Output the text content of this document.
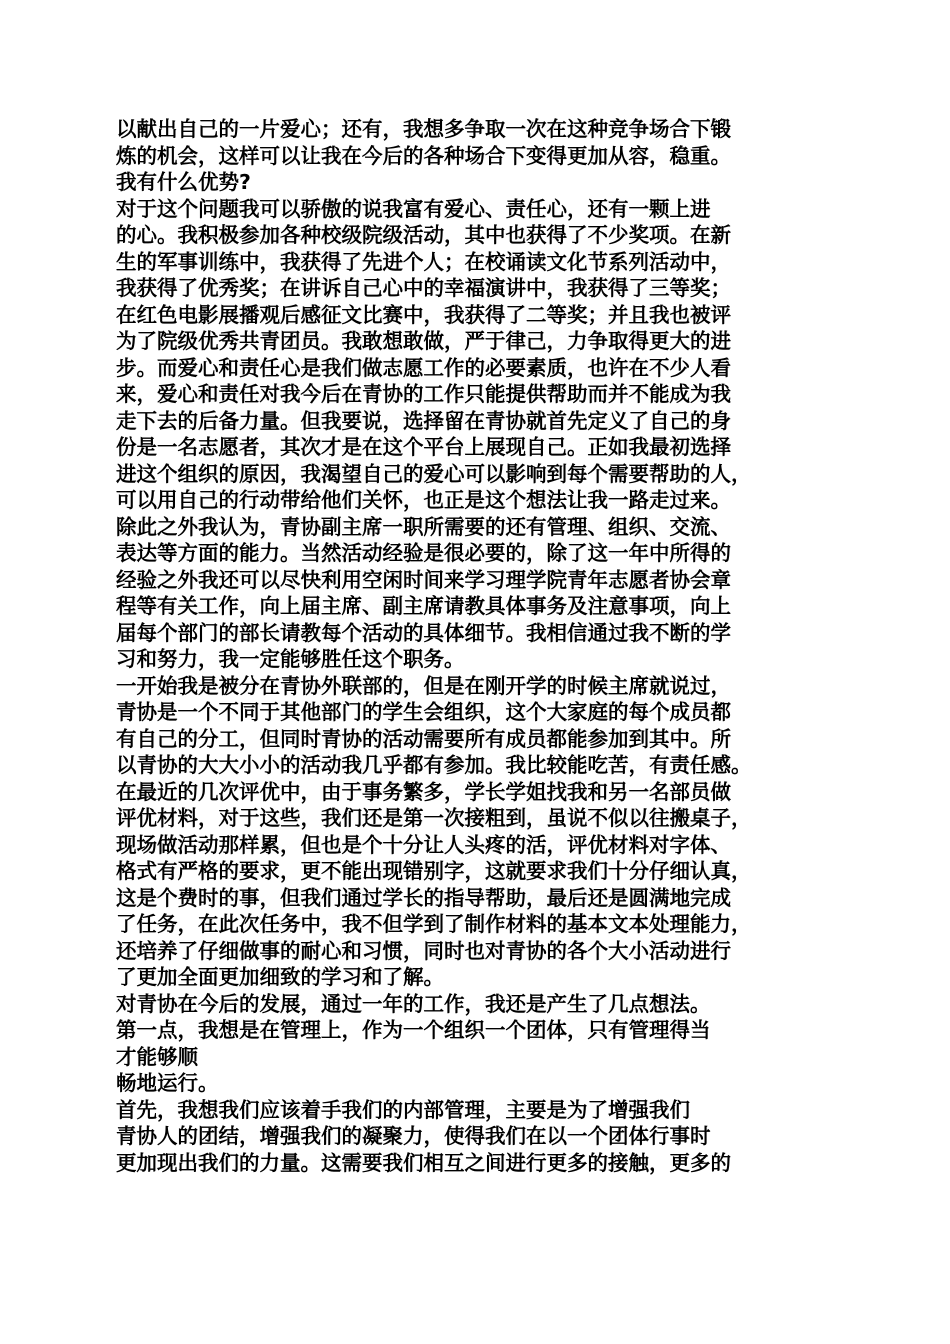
以献出自己的一片爱心；还有，我想多争取一次在这种竞争场合下锻
炼的机会，这样可以让我在今后的各种场合下变得更加从容，稳重。
我有什么优势?
对于这个问题我可以骄傲的说我富有爱心、责任心，还有一颗上进
的心。我积极参加各种校级院级活动，其中也获得了不少奖项。在新
生的军事训练中，我获得了先进个人；在校诵读文化节系列活动中，
我获得了优秀奖；在讲诉自己心中的幸福演讲中，我获得了三等奖；
在红色电影展播观后感征文比赛中，我获得了二等奖；并且我也被评
为了院级优秀共青团员。我敢想敢做，严于律己，力争取得更大的进
步。而爱心和责任心是我们做志愿工作的必要素质，也许在不少人看
来，爱心和责任对我今后在青协的工作只能提供帮助而并不能成为我
走下去的后备力量。但我要说，选择留在青协就首先定义了自己的身
份是一名志愿者，其次才是在这个平台上展现自己。正如我最初选择
进这个组织的原因，我渴望自己的爱心可以影响到每个需要帮助的人，
可以用自己的行动带给他们关怀，也正是这个想法让我一路走过来。
除此之外我认为，青协副主席一职所需要的还有管理、组织、交流、
表达等方面的能力。当然活动经验是很必要的，除了这一年中所得的
经验之外我还可以尽快利用空闲时间来学习理学院青年志愿者协会章
程等有关工作，向上届主席、副主席请教具体事务及注意事项，向上
届每个部门的部长请教每个活动的具体细节。我相信通过我不断的学
习和努力，我一定能够胜任这个职务。
一开始我是被分在青协外联部的，但是在刚开学的时候主席就说过，
青协是一个不同于其他部门的学生会组织，这个大家庭的每个成员都
有自己的分工，但同时青协的活动需要所有成员都能参加到其中。所
以青协的大大小小的活动我几乎都有参加。我比较能吃苦，有责任感。
在最近的几次评优中，由于事务繁多，学长学姐找我和另一名部员做
评优材料，对于这些，我们还是第一次接粗到，虽说不似以往搬桌子，
现场做活动那样累，但也是个十分让人头疼的活，评优材料对字体、
格式有严格的要求，更不能出现错别字，这就要求我们十分仔细认真，
这是个费时的事，但我们通过学长的指导帮助，最后还是圆满地完成
了任务，在此次任务中，我不但学到了制作材料的基本文本处理能力，
还培养了仔细做事的耐心和习惯，同时也对青协的各个大小活动进行
了更加全面更加细致的学习和了解。
对青协在今后的发展，通过一年的工作，我还是产生了几点想法。
第一点，我想是在管理上，作为一个组织一个团体，只有管理得当
才能够顺
畅地运行。
首先，我想我们应该着手我们的内部管理，主要是为了增强我们
青协人的团结，增强我们的凝聚力，使得我们在以一个团体行事时
更加现出我们的力量。这需要我们相互之间进行更多的接触，更多的
